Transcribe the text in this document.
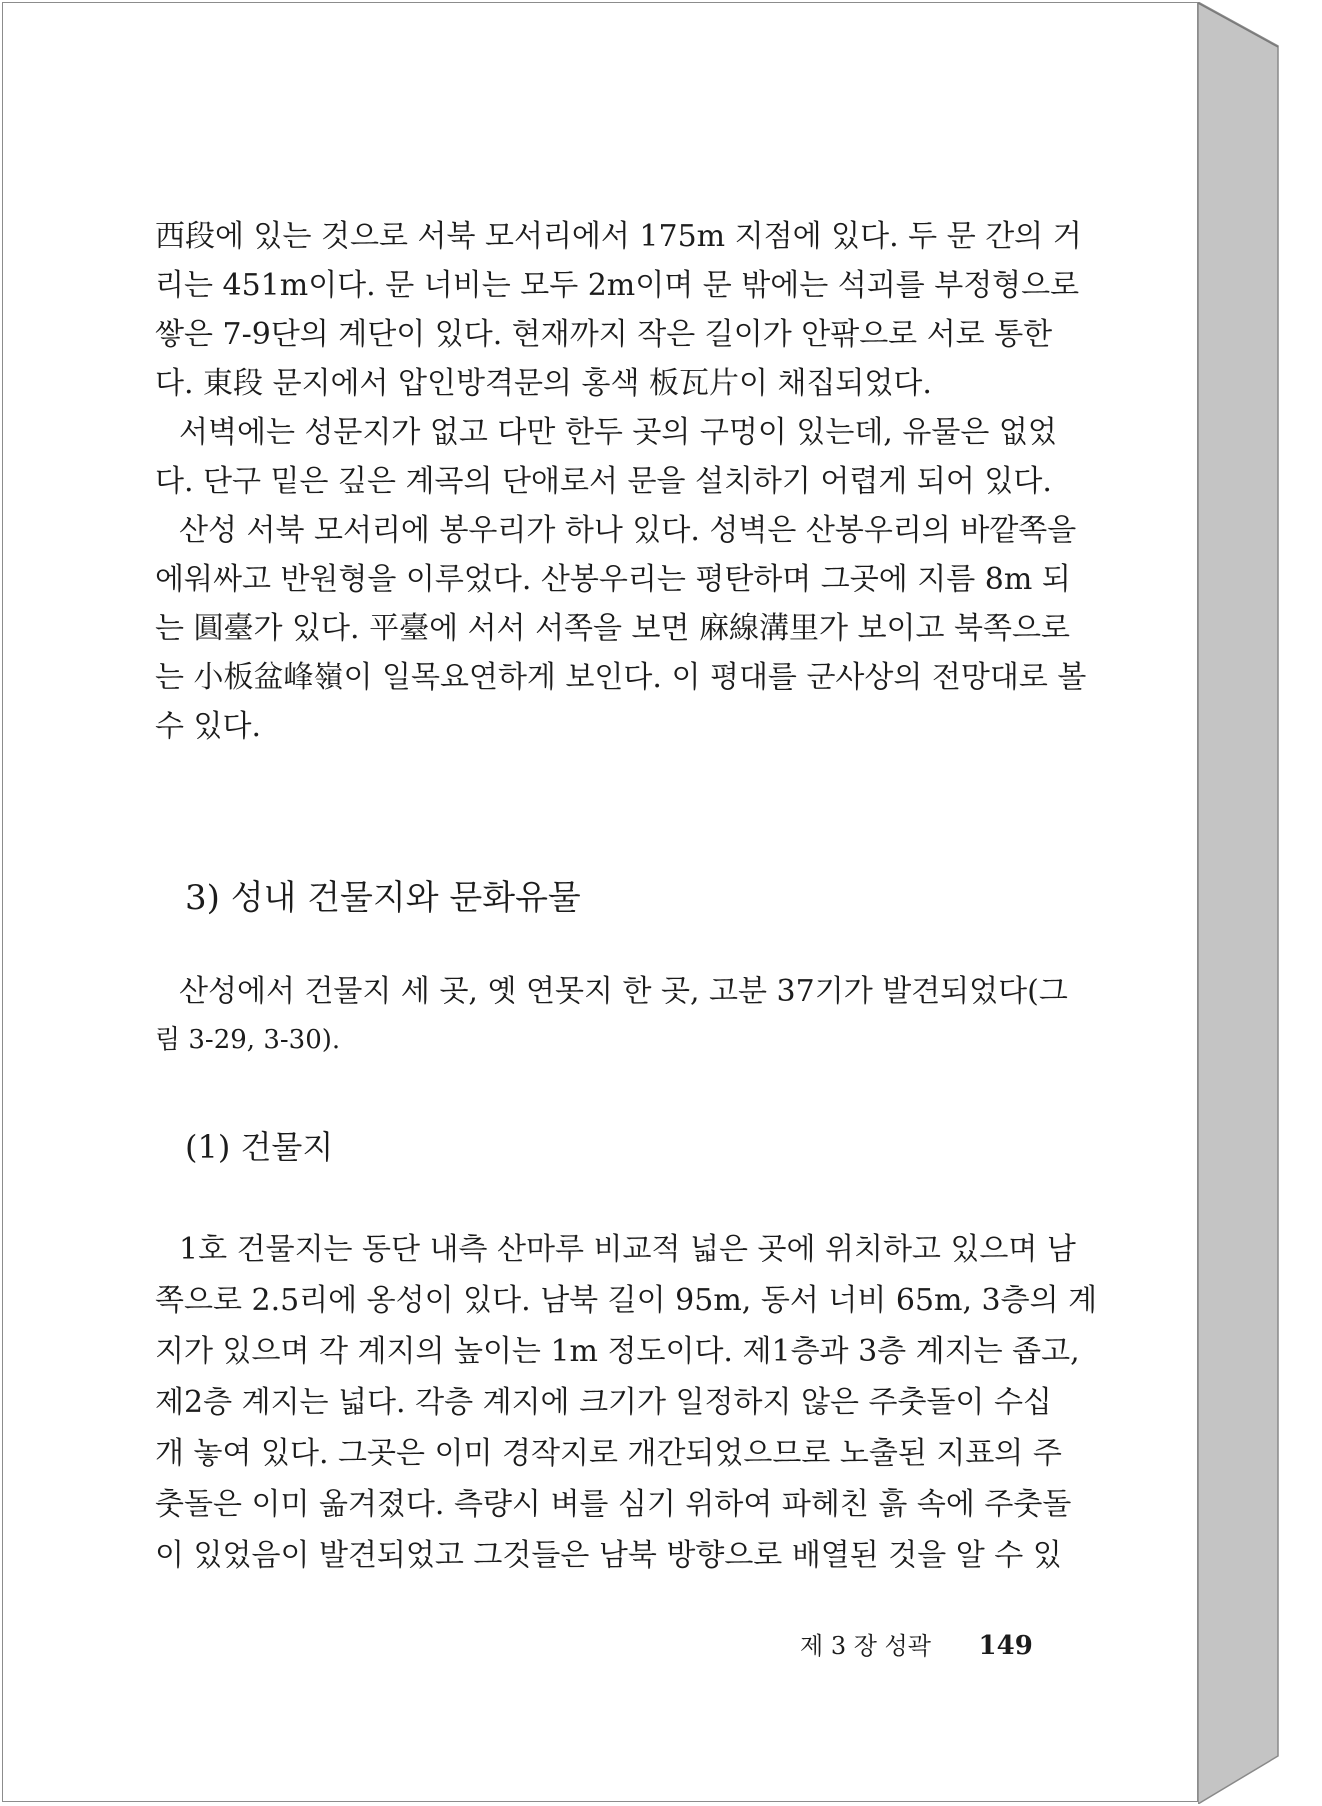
西段에 있는 것으로 서북 모서리에서 175m 지점에 있다. 두 문 간의 거
리는 451m이다. 문 너비는 모두 2m이며 문 밖에는 석괴를 부정형으로
쌓은 7-9단의 계단이 있다. 현재까지 작은 길이가 안팎으로 서로 통한
다. 東段 문지에서 압인방격문의 홍색 板瓦片이 채집되었다.
서벽에는 성문지가 없고 다만 한두 곳의 구멍이 있는데, 유물은 없었
다. 단구 밑은 깊은 계곡의 단애로서 문을 설치하기 어렵게 되어 있다.
산성 서북 모서리에 봉우리가 하나 있다. 성벽은 산봉우리의 바깥쪽을
에워싸고 반원형을 이루었다. 산봉우리는 평탄하며 그곳에 지름 8m 되
는 圓臺가 있다. 平臺에 서서 서쪽을 보면 麻線溝里가 보이고 북쪽으로
는 小板盆峰嶺이 일목요연하게 보인다. 이 평대를 군사상의 전망대로 볼
수 있다.
3) 성내 건물지와 문화유물
산성에서 건물지 세 곳, 옛 연못지 한 곳, 고분 37기가 발견되었다(그
림 3-29, 3-30).
(1) 건물지
1호 건물지는 동단 내측 산마루 비교적 넓은 곳에 위치하고 있으며 남
쪽으로 2.5리에 옹성이 있다. 남북 길이 95m, 동서 너비 65m, 3층의 계
지가 있으며 각 계지의 높이는 1m 정도이다. 제1층과 3층 계지는 좁고,
제2층 계지는 넓다. 각층 계지에 크기가 일정하지 않은 주춧돌이 수십
개 놓여 있다. 그곳은 이미 경작지로 개간되었으므로 노출된 지표의 주
춧돌은 이미 옮겨졌다. 측량시 벼를 심기 위하여 파헤친 흙 속에 주춧돌
이 있었음이 발견되었고 그것들은 남북 방향으로 배열된 것을 알 수 있
제 3 장 성곽 149
